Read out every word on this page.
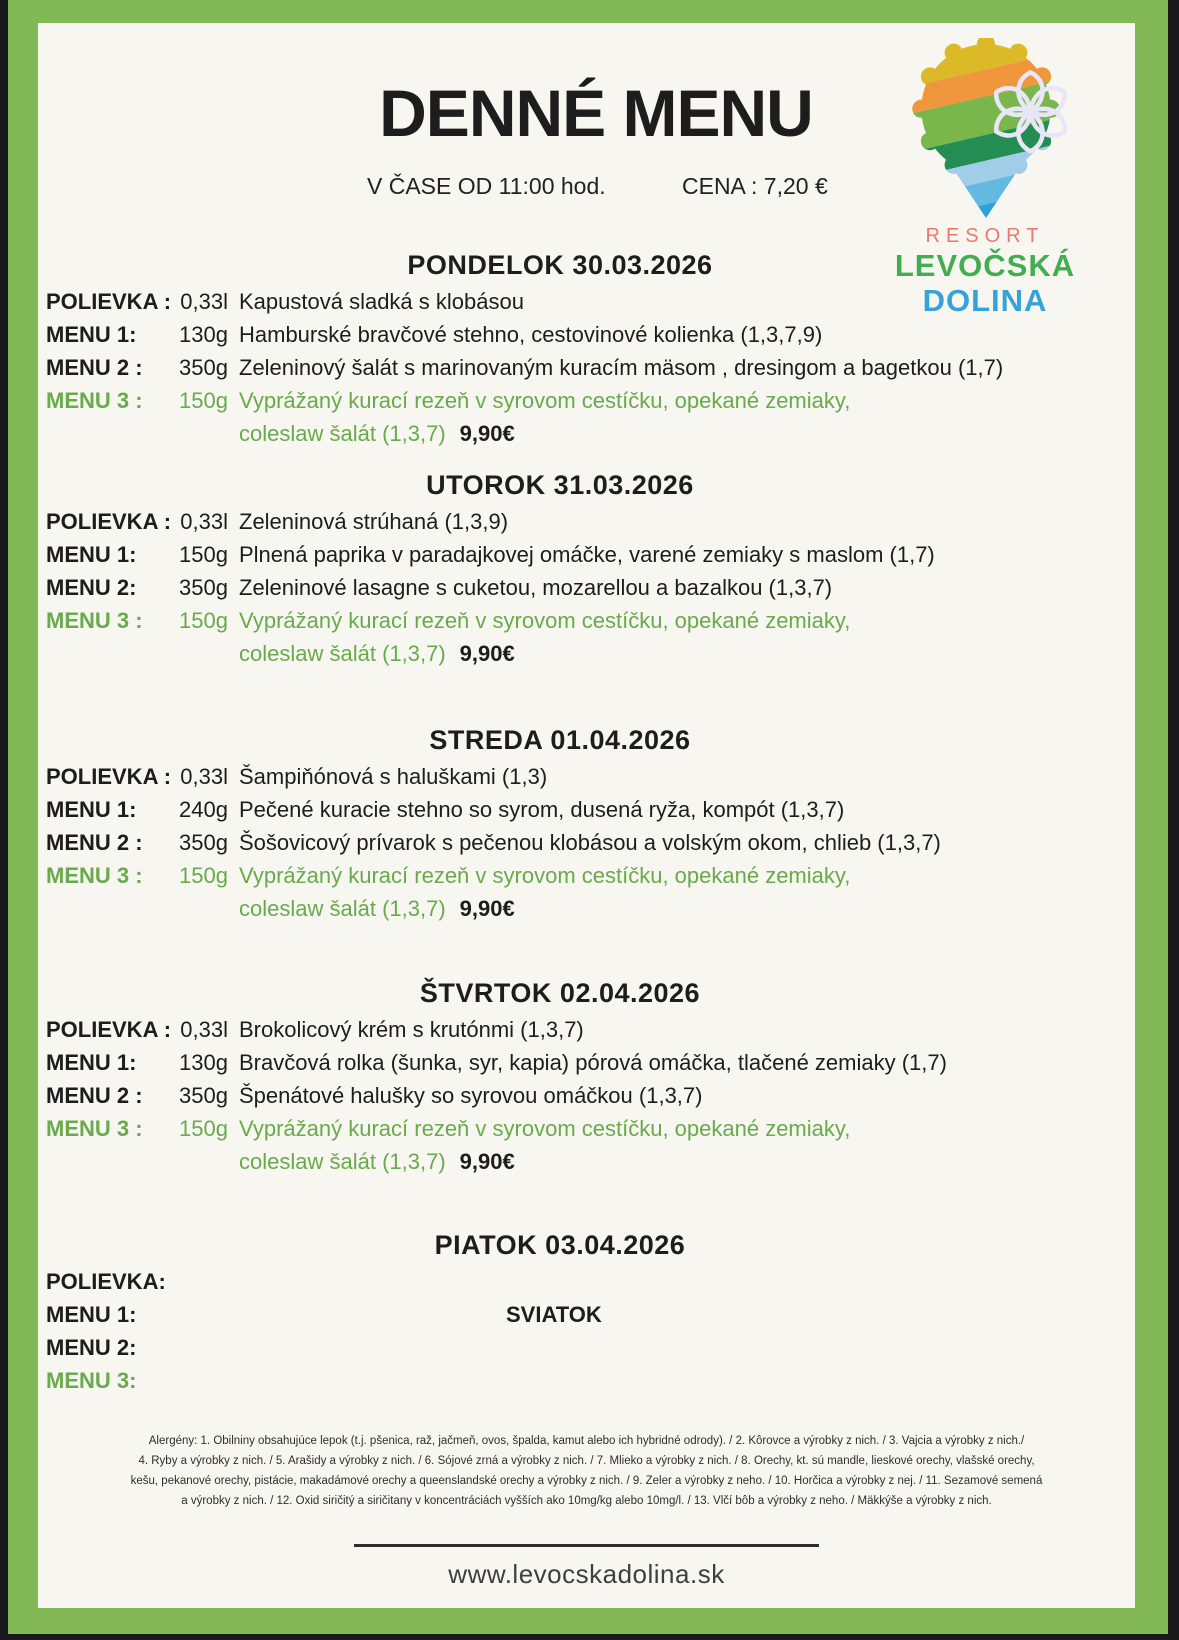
DENNÉ MENU
V ČASE OD 11:00 hod.	CENA : 7,20 €
RESORT
LEVOČSKÁ
DOLINA
PONDELOK 30.03.2026
POLIEVKA : 0,33l Kapustová sladká s klobásou
MENU 1:	130g Hamburské bravčové stehno, cestovinové kolienka (1,3,7,9)
MENU 2 :	350g Zeleninový šalát s marinovaným kuracím mäsom , dresingom a bagetkou (1,7)
MENU 3 :	150g Vyprážaný kurací rezeň v syrovom cestíčku, opekané zemiaky,
coleslaw šalát (1,3,7) 9,90€
UTOROK 31.03.2026
POLIEVKA : 0,33l Zeleninová strúhaná (1,3,9)
MENU 1:	150g Plnená paprika v paradajkovej omáčke, varené zemiaky s maslom (1,7)
MENU 2:	350g Zeleninové lasagne s cuketou, mozarellou a bazalkou (1,3,7)
MENU 3 :	150g Vyprážaný kurací rezeň v syrovom cestíčku, opekané zemiaky,
coleslaw šalát (1,3,7) 9,90€
STREDA 01.04.2026
POLIEVKA : 0,33l Šampiňónová s haluškami (1,3)
MENU 1:	240g Pečené kuracie stehno so syrom, dusená ryža, kompót (1,3,7)
MENU 2 :	350g Šošovicový prívarok s pečenou klobásou a volským okom, chlieb (1,3,7)
MENU 3 :	150g Vyprážaný kurací rezeň v syrovom cestíčku, opekané zemiaky,
coleslaw šalát (1,3,7) 9,90€
ŠTVRTOK 02.04.2026
POLIEVKA : 0,33l Brokolicový krém s krutónmi (1,3,7)
MENU 1:	130g Bravčová rolka (šunka, syr, kapia) pórová omáčka, tlačené zemiaky (1,7)
MENU 2 :	350g Špenátové halušky so syrovou omáčkou (1,3,7)
MENU 3 :	150g Vyprážaný kurací rezeň v syrovom cestíčku, opekané zemiaky,
coleslaw šalát (1,3,7) 9,90€
PIATOK 03.04.2026
POLIEVKA:
MENU 1:	SVIATOK
MENU 2:
MENU 3:
Alergény: 1. Obilniny obsahujúce lepok (t.j. pšenica, raž, jačmeň, ovos, špalda, kamut alebo ich hybridné odrody). / 2. Kôrovce a výrobky z nich. / 3. Vajcia a výrobky z nich./
4. Ryby a výrobky z nich. / 5. Arašidy a výrobky z nich. / 6. Sójové zrná a výrobky z nich. / 7. Mlieko a výrobky z nich. / 8. Orechy, kt. sú mandle, lieskové orechy, vlašské orechy,
kešu, pekanové orechy, pistácie, makadámové orechy a queenslandské orechy a výrobky z nich. / 9. Zeler a výrobky z neho. / 10. Horčica a výrobky z nej. / 11. Sezamové semená
a výrobky z nich. / 12. Oxid siričitý a siričitany v koncentráciách vyšších ako 10mg/kg alebo 10mg/l. / 13. Vlčí bôb a výrobky z neho. / Mäkkýše a výrobky z nich.
www.levocskadolina.sk
